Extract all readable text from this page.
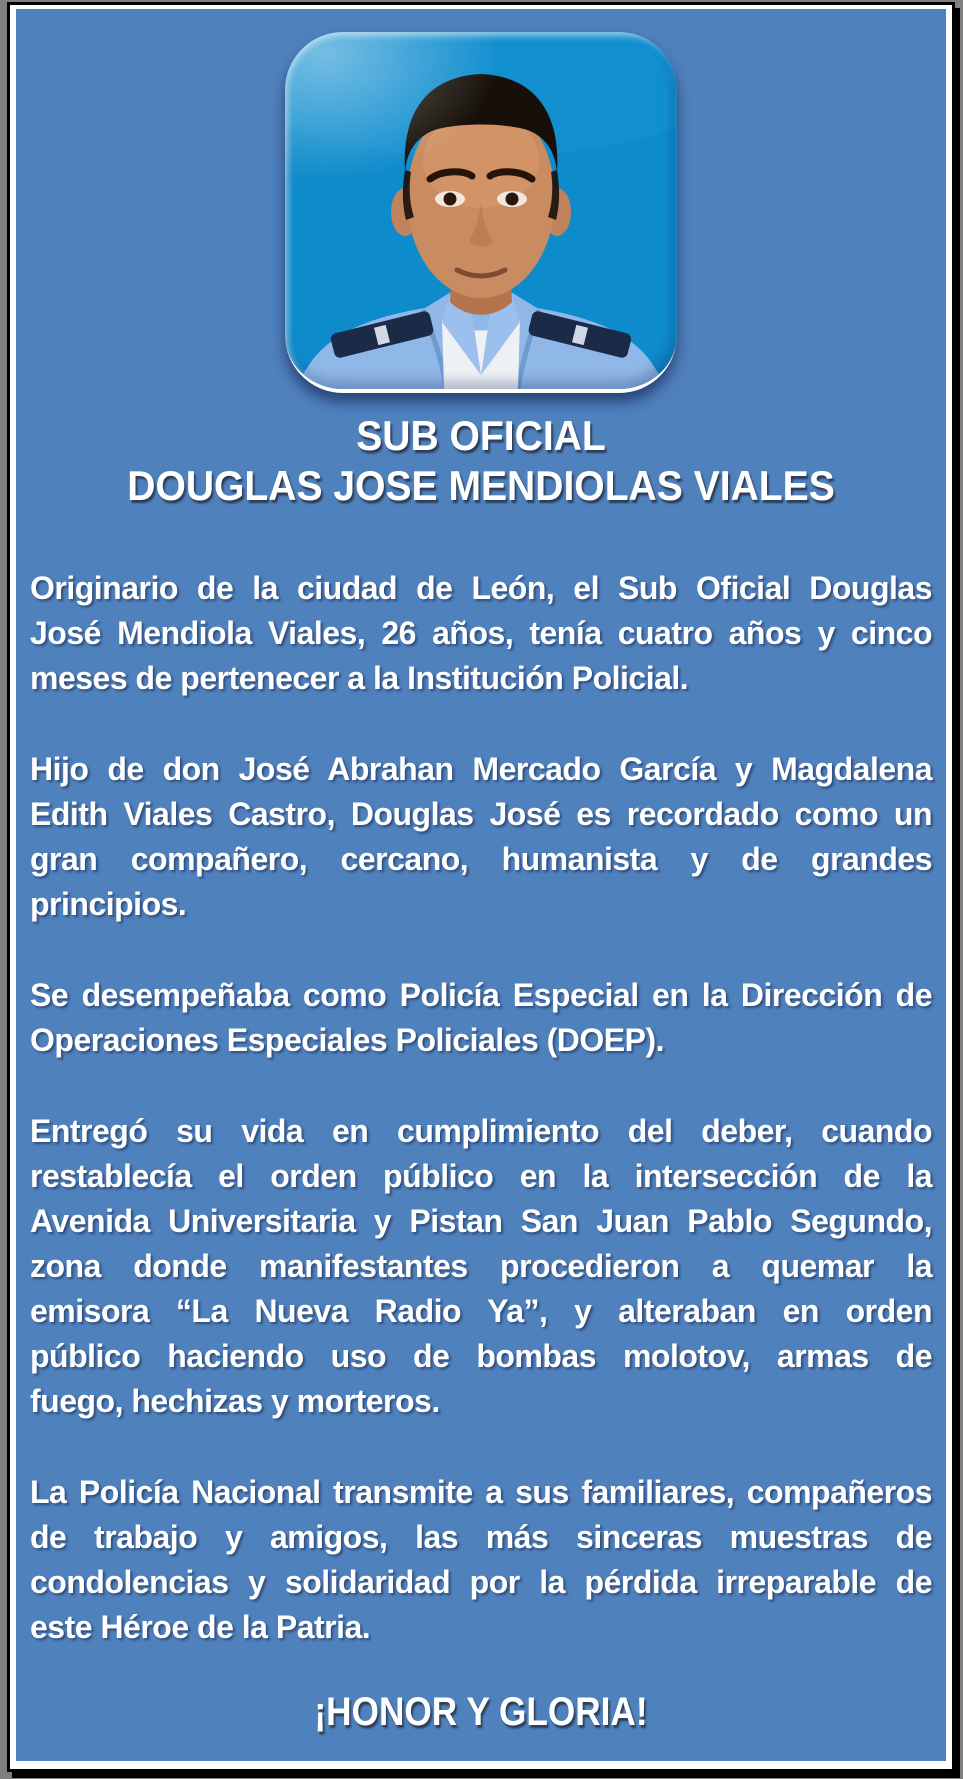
SUB OFICIAL
DOUGLAS JOSE MENDIOLAS VIALES
Originario de la ciudad de León, el Sub Oficial Douglas
José Mendiola Viales, 26 años, tenía cuatro años y cinco
meses de pertenecer a la Institución Policial.
Hijo de don José Abrahan Mercado García y Magdalena
Edith Viales Castro, Douglas José es recordado como un
gran compañero, cercano, humanista y de grandes
principios.
Se desempeñaba como Policía Especial en la Dirección de
Operaciones Especiales Policiales (DOEP).
Entregó su vida en cumplimiento del deber, cuando
restablecía el orden público en la intersección de la
Avenida Universitaria y Pistan San Juan Pablo Segundo,
zona donde manifestantes procedieron a quemar la
emisora “La Nueva Radio Ya”, y alteraban en orden
público haciendo uso de bombas molotov, armas de
fuego, hechizas y morteros.
La Policía Nacional transmite a sus familiares, compañeros
de trabajo y amigos, las más sinceras muestras de
condolencias y solidaridad por la pérdida irreparable de
este Héroe de la Patria.
¡HONOR Y GLORIA!
